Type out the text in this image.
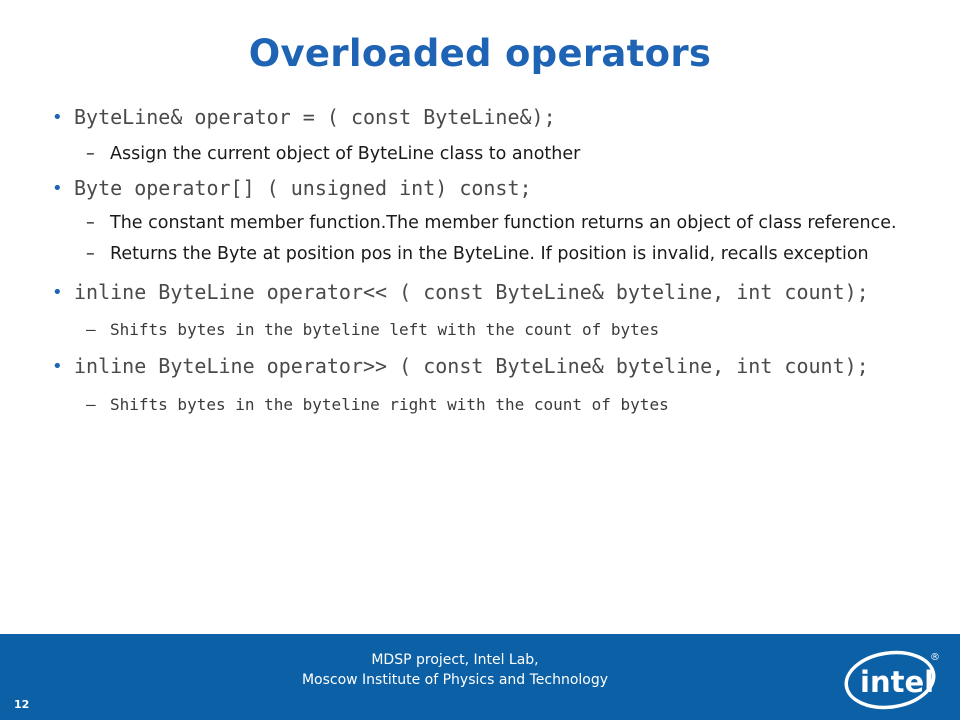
Overloaded operators
• ByteLine& operator = ( const ByteLine&);
– Assign the current object of ByteLine class to another
• Byte operator[] ( unsigned int) const;
– The constant member function.The member function returns an object of class reference.
– Returns the Byte at position pos in the ByteLine. If position is invalid, recalls exception
• inline ByteLine operator<< ( const ByteLine& byteline, int count);
– Shifts bytes in the byteline left with the count of bytes
• inline ByteLine operator>> ( const ByteLine& byteline, int count);
– Shifts bytes in the byteline right with the count of bytes
MDSP project, Intel Lab,
Moscow Institute of Physics and Technology
12
intel
®
